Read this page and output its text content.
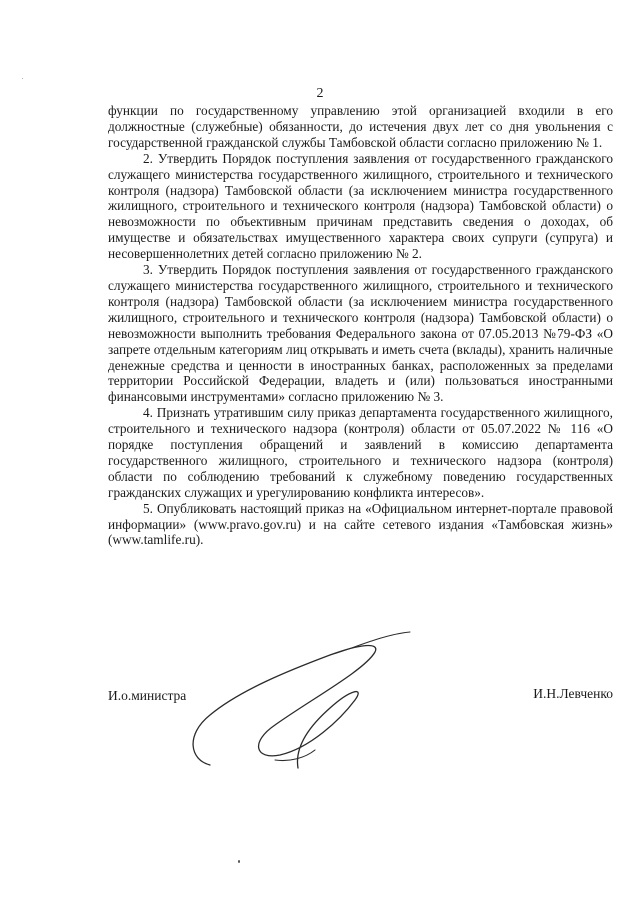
2

функции по государственному управлению этой организацией входили в его должностные (служебные) обязанности, до истечения двух лет со дня увольнения с государственной гражданской службы Тамбовской области согласно приложению № 1.

2. Утвердить Порядок поступления заявления от государственного гражданского служащего министерства государственного жилищного, строительного и технического контроля (надзора) Тамбовской области (за исключением министра государственного жилищного, строительного и технического контроля (надзора) Тамбовской области) о невозможности по объективным причинам представить сведения о доходах, об имуществе и обязательствах имущественного характера своих супруги (супруга) и несовершеннолетних детей согласно приложению № 2.

3. Утвердить Порядок поступления заявления от государственного гражданского служащего министерства государственного жилищного, строительного и технического контроля (надзора) Тамбовской области (за исключением министра государственного жилищного, строительного и технического контроля (надзора) Тамбовской области) о невозможности выполнить требования Федерального закона от 07.05.2013 №79-ФЗ «О запрете отдельным категориям лиц открывать и иметь счета (вклады), хранить наличные денежные средства и ценности в иностранных банках, расположенных за пределами территории Российской Федерации, владеть и (или) пользоваться иностранными финансовыми инструментами» согласно приложению № 3.

4. Признать утратившим силу приказ департамента государственного жилищного, строительного и технического надзора (контроля) области от 05.07.2022 № 116 «О порядке поступления обращений и заявлений в комиссию департамента государственного жилищного, строительного и технического надзора (контроля) области по соблюдению требований к служебному поведению государственных гражданских служащих и урегулированию конфликта интересов».

5. Опубликовать настоящий приказ на «Официальном интернет-портале правовой информации» (www.pravo.gov.ru) и на сайте сетевого издания «Тамбовская жизнь» (www.tamlife.ru).

И.о.министра	И.Н.Левченко
